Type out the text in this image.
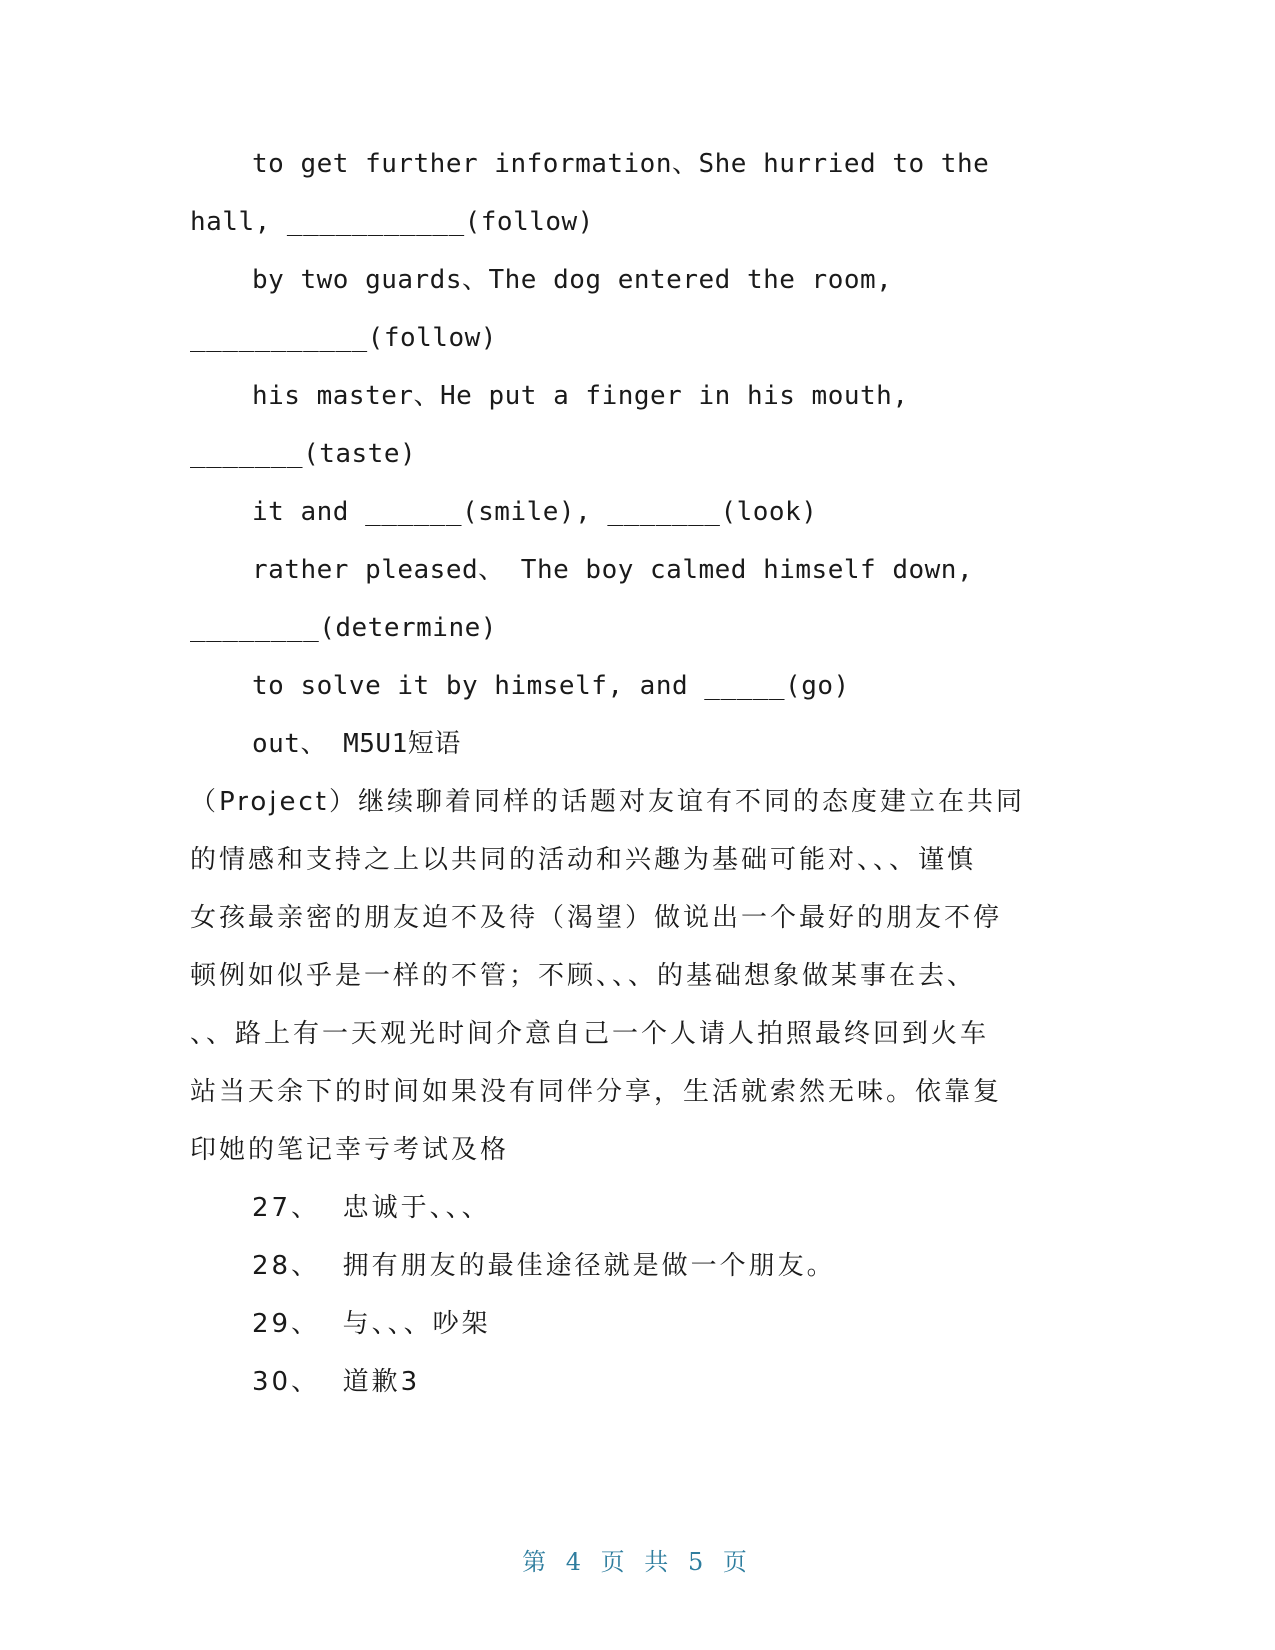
to get further information、She hurried to the

hall, ___________(follow)

by two guards、The dog entered the room,

___________(follow)

his master、He put a finger in his mouth,

_______(taste)

it and ______(smile), _______(look)

rather pleased、 The boy calmed himself down,

________(determine)

to solve it by himself, and _____(go)

out、 M5U1短语

（Project）继续聊着同样的话题对友谊有不同的态度建立在共同

的情感和支持之上以共同的活动和兴趣为基础可能对、、、谨慎

女孩最亲密的朋友迫不及待（渴望）做说出一个最好的朋友不停

顿例如似乎是一样的不管；不顾、、、的基础想象做某事在去、

、、路上有一天观光时间介意自己一个人请人拍照最终回到火车

站当天余下的时间如果没有同伴分享，生活就索然无味。依靠复

印她的笔记幸亏考试及格

27、  忠诚于、、、

28、  拥有朋友的最佳途径就是做一个朋友。

29、  与、、、吵架

30、  道歉3

第 4 页 共 5 页
